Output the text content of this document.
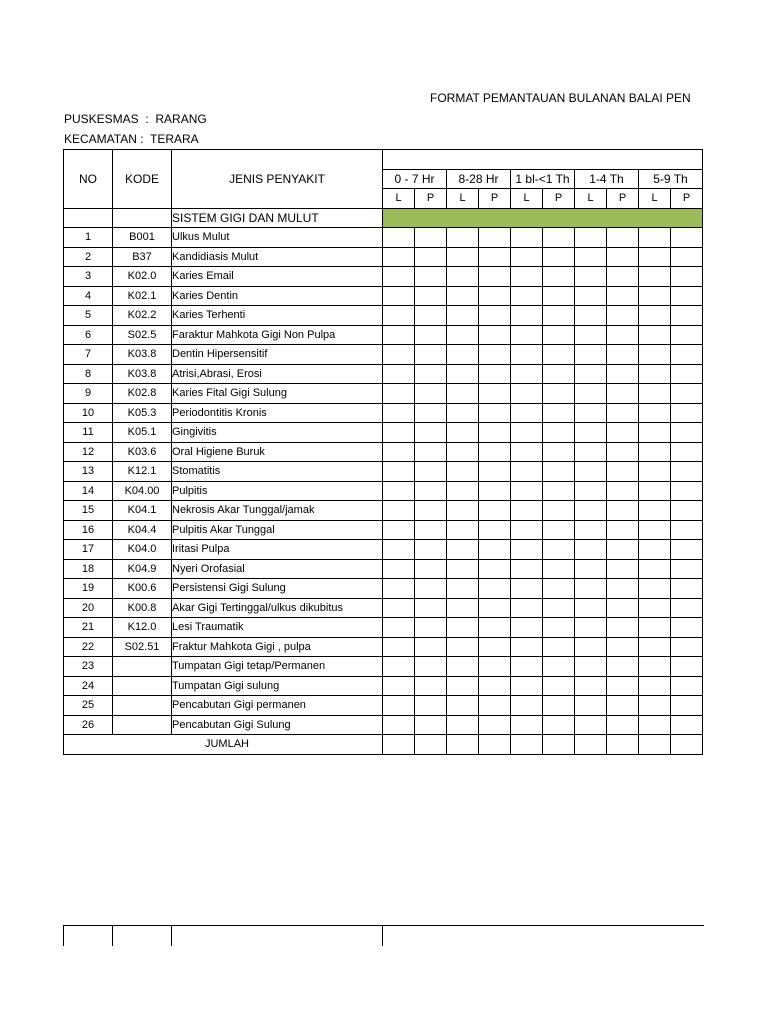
FORMAT PEMANTAUAN BULANAN BALAI PEN
PUSKESMAS  :  RARANG
KECAMATAN :  TERARA
NO	KODE	JENIS PENYAKIT										
			0 - 7 Hr		8-28 Hr		1 bl-<1 Th		1-4 Th		5-9 Th	
			L	P	L	P	L	P	L	P	L	P
		SISTEM GIGI DAN MULUT										
1	B001	Ulkus Mulut										
2	B37	Kandidiasis Mulut										
3	K02.0	Karies Email										
4	K02.1	Karies Dentin										
5	K02.2	Karies Terhenti										
6	S02.5	Faraktur Mahkota Gigi Non Pulpa										
7	K03.8	Dentin Hipersensitif										
8	K03.8	Atrisi,Abrasi, Erosi										
9	K02.8	Karies Fital Gigi Sulung										
10	K05.3	Periodontitis Kronis										
11	K05.1	Gingivitis										
12	K03.6	Oral Higiene Buruk										
13	K12.1	Stomatitis										
14	K04.00	Pulpitis										
15	K04.1	Nekrosis Akar Tunggal/jamak										
16	K04.4	Pulpitis Akar Tunggal										
17	K04.0	Iritasi Pulpa										
18	K04.9	Nyeri Orofasial										
19	K00.6	Persistensi Gigi Sulung										
20	K00.8	Akar Gigi Tertinggal/ulkus dikubitus										
21	K12.0	Lesi Traumatik										
22	S02.51	Fraktur Mahkota Gigi , pulpa										
23		Tumpatan Gigi tetap/Permanen										
24		Tumpatan Gigi sulung										
25		Pencabutan Gigi permanen										
26		Pencabutan Gigi Sulung										
JUMLAH												
